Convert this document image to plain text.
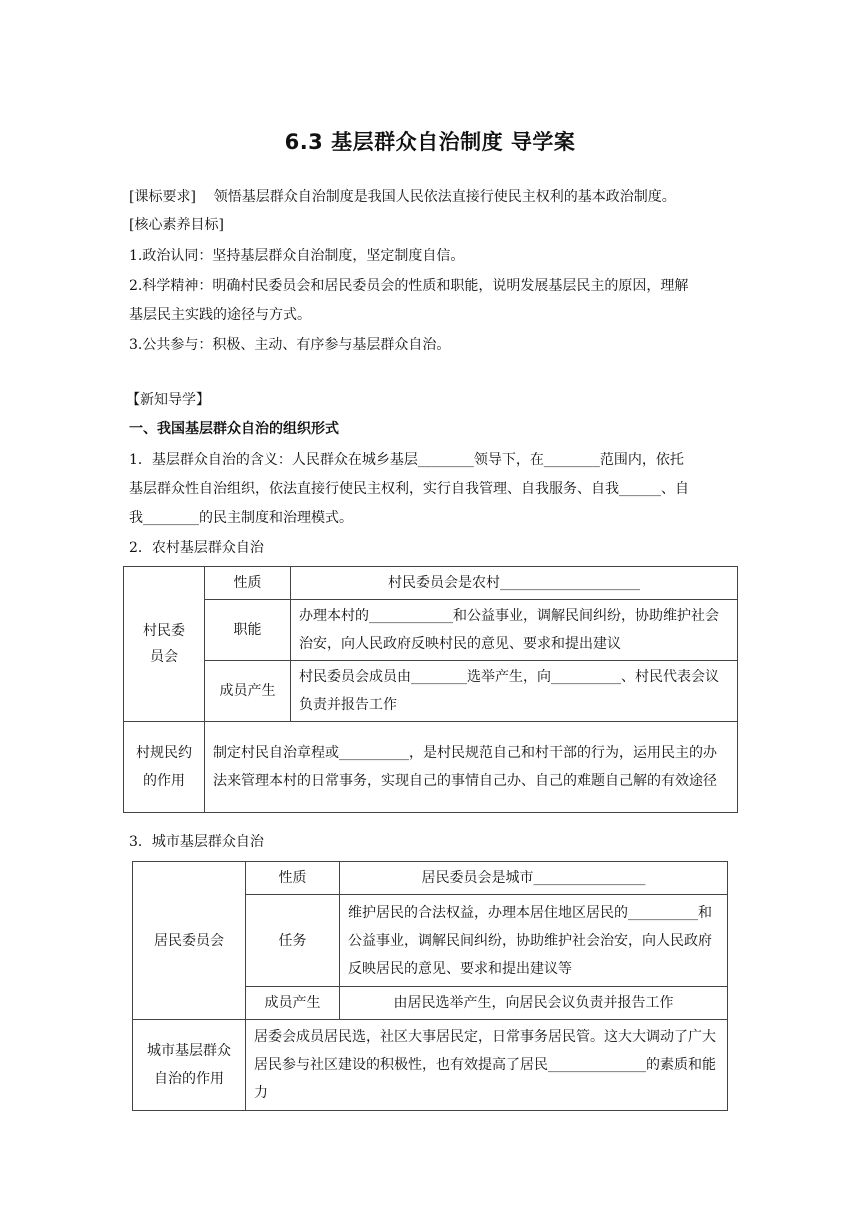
6.3 基层群众自治制度 导学案
[课标要求] 领悟基层群众自治制度是我国人民依法直接行使民主权利的基本政治制度。
[核心素养目标]
1.政治认同：坚持基层群众自治制度，坚定制度自信。
2.科学精神：明确村民委员会和居民委员会的性质和职能，说明发展基层民主的原因，理解
基层民主实践的途径与方式。
3.公共参与：积极、主动、有序参与基层群众自治。
【新知导学】
一、我国基层群众自治的组织形式
1．基层群众自治的含义：人民群众在城乡基层________领导下，在________范围内，依托
基层群众性自治组织，依法直接行使民主权利，实行自我管理、自我服务、自我______、自
我________的民主制度和治理模式。
2．农村基层群众自治
村民委
员会	性质	村民委员会是农村____________________
	职能	办理本村的____________和公益事业，调解民间纠纷，协助维护社会治安，向人民政府反映村民的意见、要求和提出建议
	成员产生	村民委员会成员由________选举产生，向__________、村民代表会议负责并报告工作
村规民约
的作用	制定村民自治章程或__________，是村民规范自己和村干部的行为，运用民主的办法来管理本村的日常事务，实现自己的事情自己办、自己的难题自己解的有效途径	
3．城市基层群众自治
居民委员会	性质	居民委员会是城市________________
	任务	维护居民的合法权益，办理本居住地区居民的__________和公益事业，调解民间纠纷，协助维护社会治安，向人民政府反映居民的意见、要求和提出建议等
	成员产生	由居民选举产生，向居民会议负责并报告工作
城市基层群众
自治的作用	居委会成员居民选，社区大事居民定，日常事务居民管。这大大调动了广大居民参与社区建设的积极性，也有效提高了居民______________的素质和能力	
